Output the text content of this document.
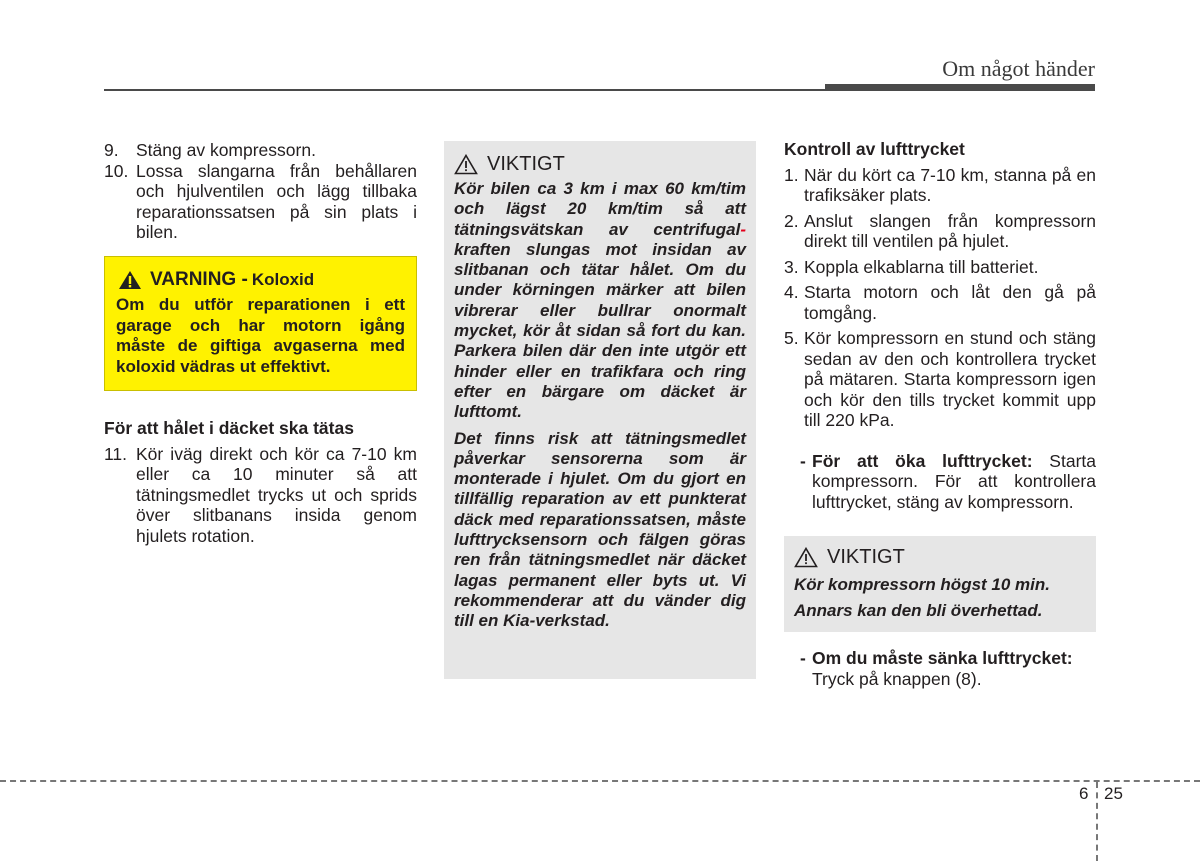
Om något händer
9. Stäng av kompressorn.
10. Lossa slangarna från behållaren och hjulventilen och lägg tillbaka reparationssatsen på sin plats i bilen.
VARNING - Koloxid
Om du utför reparationen i ett garage och har motorn igång måste de giftiga avgaserna med koloxid vädras ut effektivt.
För att hålet i däcket ska tätas
11. Kör iväg direkt och kör ca 7-10 km eller ca 10 minuter så att tätningsmedlet trycks ut och sprids över slitbanans insida genom hjulets rotation.
VIKTIGT

Kör bilen ca 3 km i max 60 km/tim och lägst 20 km/tim så att tätningsvätskan av centrifugal- kraften slungas mot insidan av slitbanan och tätar hålet. Om du under körningen märker att bilen vibrerar eller bullrar onormalt mycket, kör åt sidan så fort du kan. Parkera bilen där den inte utgör ett hinder eller en trafikfara och ring efter en bärgare om däcket är lufttomt.

Det finns risk att tätningsmedlet påverkar sensorerna som är monterade i hjulet. Om du gjort en tillfällig reparation av ett punkterat däck med reparationssatsen, måste lufttrycksensorn och fälgen göras ren från tätningsmedlet när däcket lagas permanent eller byts ut. Vi rekommenderar att du vänder dig till en Kia-verkstad.

Kontroll av lufttrycket
1. När du kört ca 7-10 km, stanna på en trafiksäker plats.
2. Anslut slangen från kompressorn direkt till ventilen på hjulet.
3. Koppla elkablarna till batteriet.
4. Starta motorn och låt den gå på tomgång.
5. Kör kompressorn en stund och stäng sedan av den och kontrollera trycket på mätaren. Starta kompressorn igen och kör den tills trycket kommit upp till 220 kPa.
- För att öka lufttrycket: Starta kompressorn. För att kontrollera lufttrycket, stäng av kompressorn.
VIKTIGT
Kör kompressorn högst 10 min.
Annars kan den bli överhettad.
- Om du måste sänka lufttrycket:
Tryck på knappen (8).
6 25
